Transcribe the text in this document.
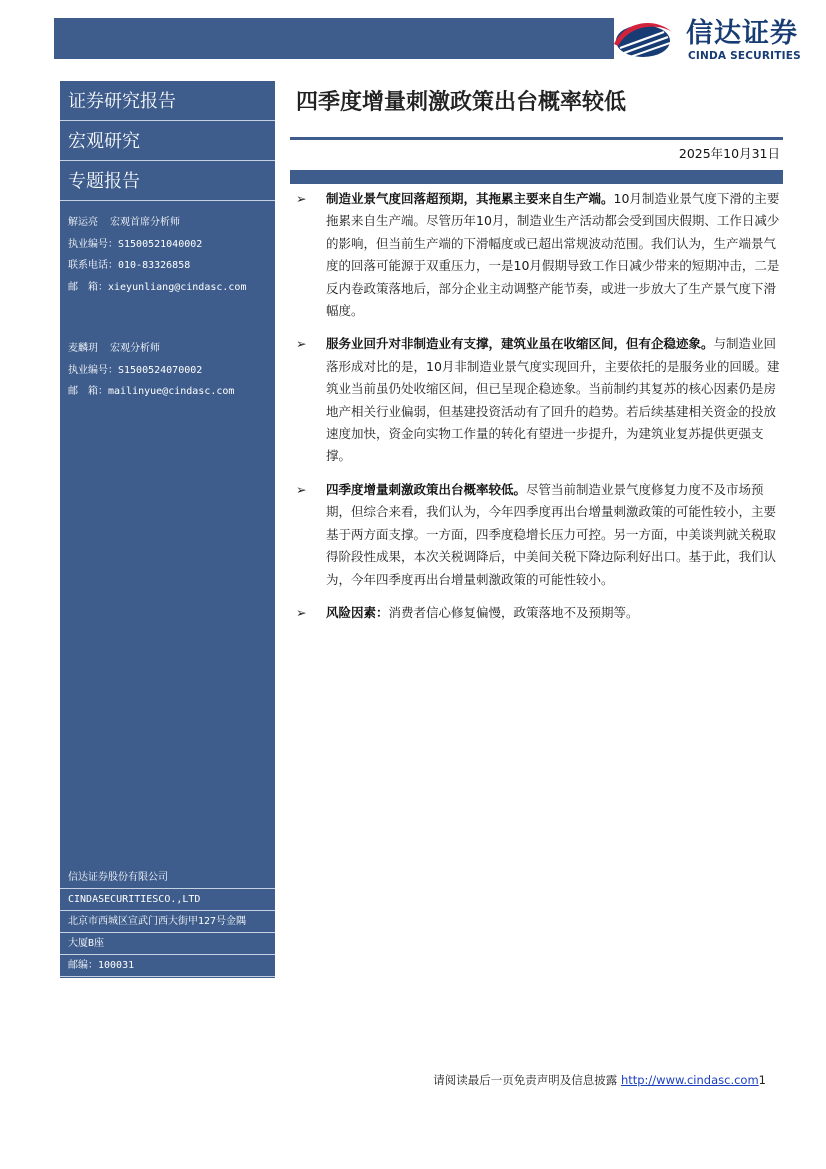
信达证券
CINDA SECURITIES
证券研究报告
宏观研究
专题报告
解运亮 宏观首席分析师
执业编号：S1500521040002
联系电话：010-83326858
邮　箱：xieyunliang@cindasc.com
麦麟玥 宏观分析师
执业编号：S1500524070002
邮　箱：mailinyue@cindasc.com
信达证券股份有限公司
CINDASECURITIESCO.,LTD
北京市西城区宣武门西大街甲127号金隅
大厦B座
邮编：100031
四季度增量刺激政策出台概率较低
2025年10月31日
➢ 制造业景气度回落超预期，其拖累主要来自生产端。10月制造业景气度下滑的主要拖累来自生产端。尽管历年10月，制造业生产活动都会受到国庆假期、工作日减少的影响，但当前生产端的下滑幅度或已超出常规波动范围。我们认为，生产端景气度的回落可能源于双重压力，一是10月假期导致工作日减少带来的短期冲击，二是反内卷政策落地后，部分企业主动调整产能节奏，或进一步放大了生产景气度下滑幅度。
➢ 服务业回升对非制造业有支撑，建筑业虽在收缩区间，但有企稳迹象。与制造业回落形成对比的是，10月非制造业景气度实现回升，主要依托的是服务业的回暖。建筑业当前虽仍处收缩区间，但已呈现企稳迹象。当前制约其复苏的核心因素仍是房地产相关行业偏弱，但基建投资活动有了回升的趋势。若后续基建相关资金的投放速度加快，资金向实物工作量的转化有望进一步提升，为建筑业复苏提供更强支撑。
➢ 四季度增量刺激政策出台概率较低。尽管当前制造业景气度修复力度不及市场预期，但综合来看，我们认为，今年四季度再出台增量刺激政策的可能性较小，主要基于两方面支撑。一方面，四季度稳增长压力可控。另一方面，中美谈判就关税取得阶段性成果，本次关税调降后，中美间关税下降边际利好出口。基于此，我们认为，今年四季度再出台增量刺激政策的可能性较小。
➢ 风险因素：消费者信心修复偏慢，政策落地不及预期等。
请阅读最后一页免责声明及信息披露 http://www.cindasc.com1
